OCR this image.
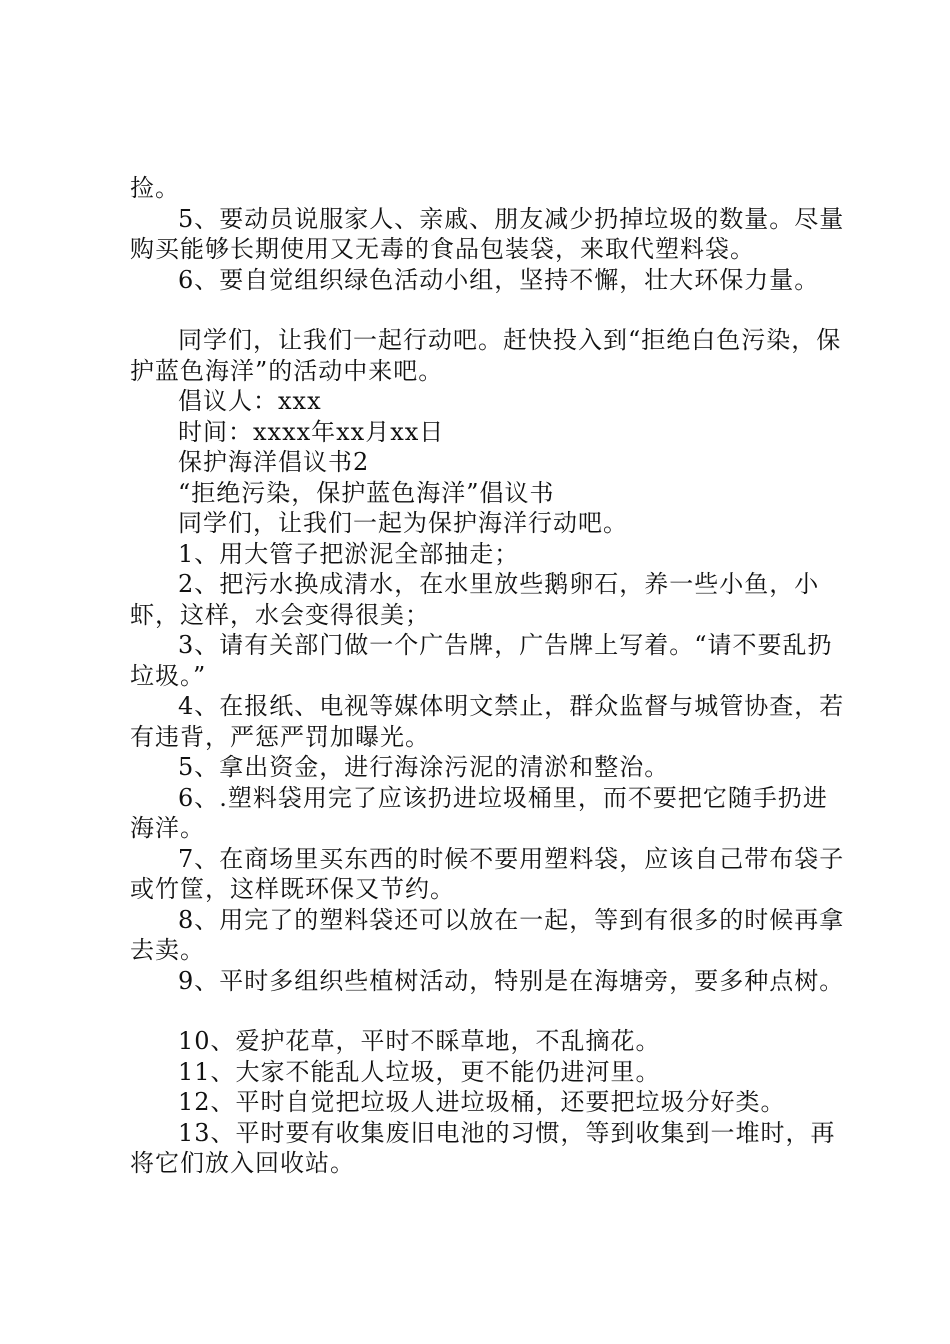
捡。

5、要动员说服家人、亲戚、朋友减少扔掉垃圾的数量。尽量购买能够长期使用又无毒的食品包装袋，来取代塑料袋。

6、要自觉组织绿色活动小组，坚持不懈，壮大环保力量。

同学们，让我们一起行动吧。赶快投入到“拒绝白色污染，保护蓝色海洋”的活动中来吧。

倡议人：xxx

时间：xxxx年xx月xx日

保护海洋倡议书2

“拒绝污染，保护蓝色海洋”倡议书

同学们，让我们一起为保护海洋行动吧。

1、用大管子把淤泥全部抽走；

2、把污水换成清水，在水里放些鹅卵石，养一些小鱼，小虾，这样，水会变得很美；

3、请有关部门做一个广告牌，广告牌上写着。“请不要乱扔垃圾。”

4、在报纸、电视等媒体明文禁止，群众监督与城管协查，若有违背，严惩严罚加曝光。

5、拿出资金，进行海涂污泥的清淤和整治。

6、.塑料袋用完了应该扔进垃圾桶里，而不要把它随手扔进海洋。

7、在商场里买东西的时候不要用塑料袋，应该自己带布袋子或竹筐，这样既环保又节约。

8、用完了的塑料袋还可以放在一起，等到有很多的时候再拿去卖。

9、平时多组织些植树活动，特别是在海塘旁，要多种点树。

10、爱护花草，平时不睬草地，不乱摘花。

11、大家不能乱人垃圾，更不能仍进河里。

12、平时自觉把垃圾人进垃圾桶，还要把垃圾分好类。

13、平时要有收集废旧电池的习惯，等到收集到一堆时，再将它们放入回收站。
